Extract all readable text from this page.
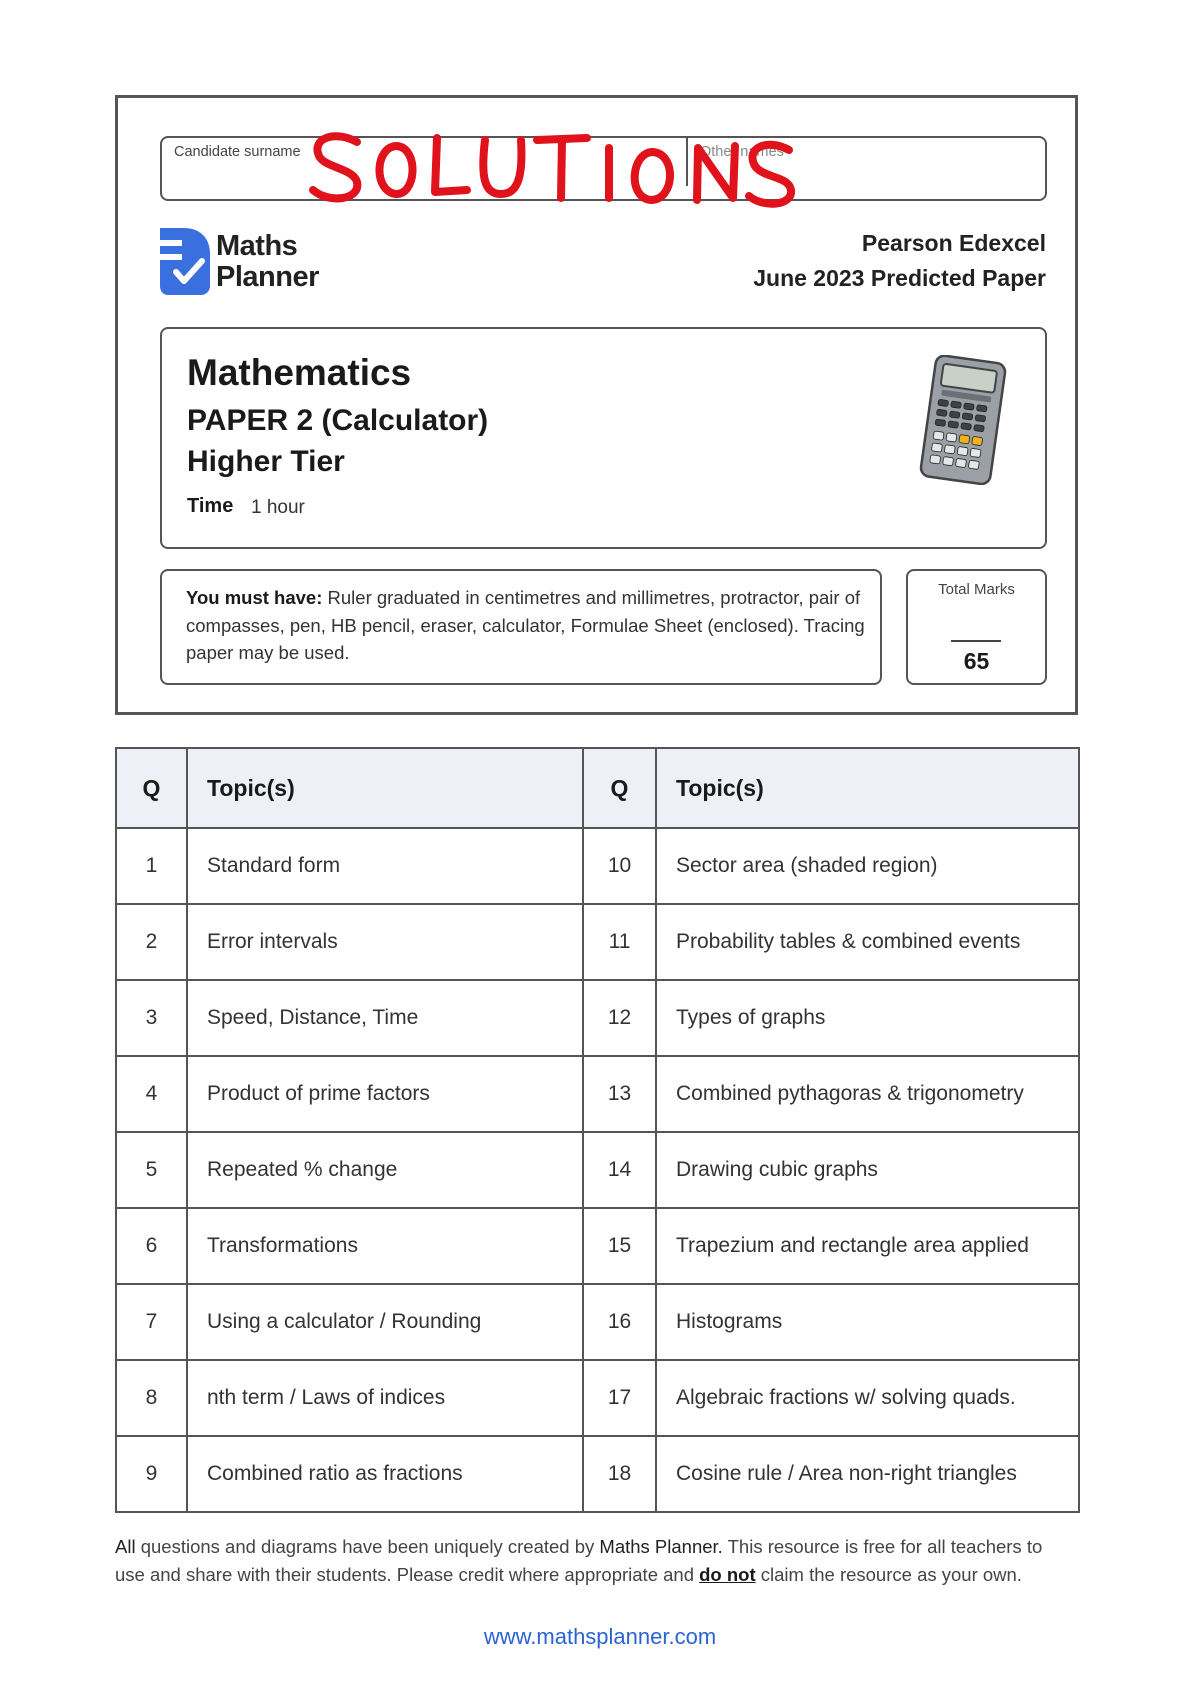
Candidate surname	Other names
Maths
Planner
Pearson Edexcel
June 2023 Predicted Paper
Mathematics
PAPER 2 (Calculator)
Higher Tier
Time 1 hour
You must have: Ruler graduated in centimetres and millimetres, protractor, pair of compasses, pen, HB pencil, eraser, calculator, Formulae Sheet (enclosed). Tracing paper may be used.
Total Marks
65
Q	Topic(s)	Q	Topic(s)
1	Standard form	10	Sector area (shaded region)
2	Error intervals	11	Probability tables & combined events
3	Speed, Distance, Time	12	Types of graphs
4	Product of prime factors	13	Combined pythagoras & trigonometry
5	Repeated % change	14	Drawing cubic graphs
6	Transformations	15	Trapezium and rectangle area applied
7	Using a calculator / Rounding	16	Histograms
8	nth term / Laws of indices	17	Algebraic fractions w/ solving quads.
9	Combined ratio as fractions	18	Cosine rule / Area non-right triangles
All questions and diagrams have been uniquely created by Maths Planner. This resource is free for all teachers to use and share with their students. Please credit where appropriate and do not claim the resource as your own.
www.mathsplanner.com
